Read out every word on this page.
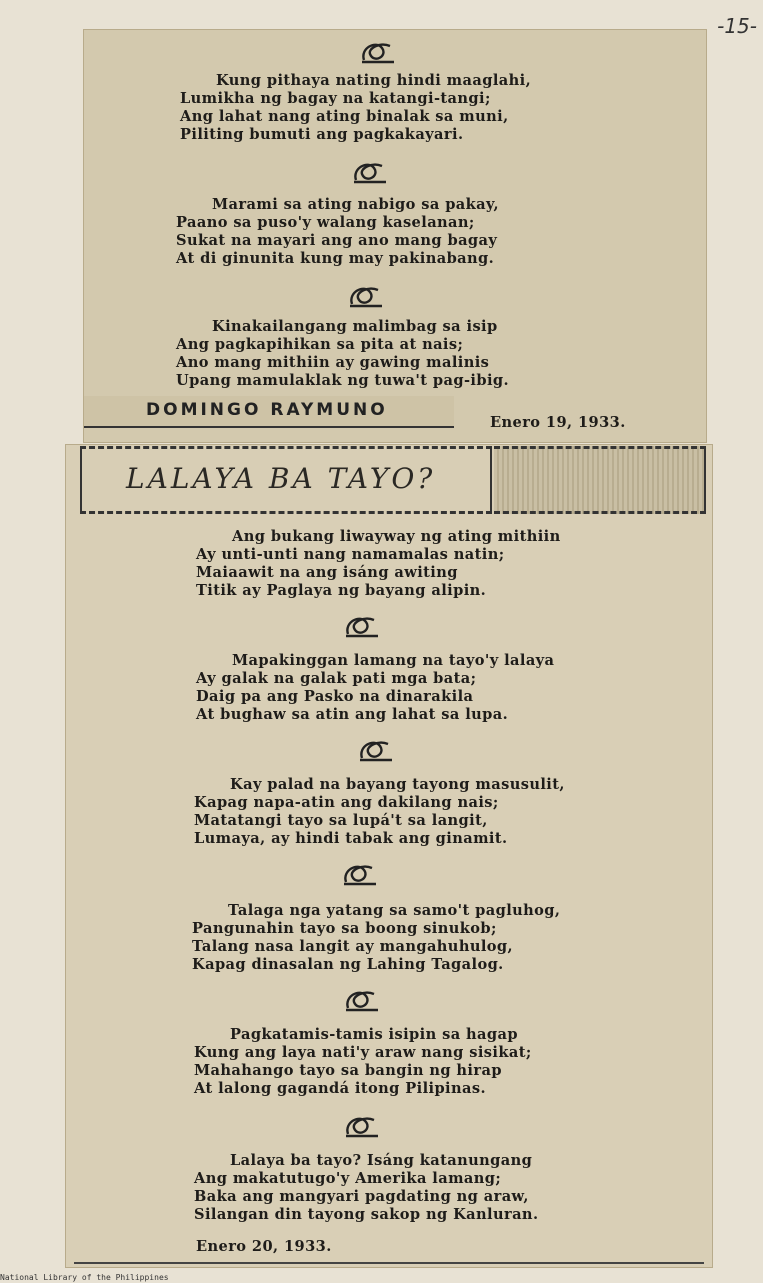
-15-
Kung pithaya nating hindi maaglahi,
Lumikha ng bagay na katangi-tangi;
Ang lahat nang ating binalak sa muni,
Piliting bumuti ang pagkakayari.
Marami sa ating nabigo sa pakay,
Paano sa puso'y walang kaselanan;
Sukat na mayari ang ano mang bagay
At di ginunita kung may pakinabang.
Kinakailangang malimbag sa isip
Ang pagkapihikan sa pita at nais;
Ano mang mithiin ay gawing malinis
Upang mamulaklak ng tuwa't pag-ibig.
DOMINGO RAYMUNO
Enero 19, 1933.
LALAYA BA TAYO?
Ang bukang liwayway ng ating mithiin
Ay unti-unti nang namamalas natin;
Maiaawit na ang isáng awiting
Titik ay Paglaya ng bayang alipin.
Mapakinggan lamang na tayo'y lalaya
Ay galak na galak pati mga bata;
Daig pa ang Pasko na dinarakila
At bughaw sa atin ang lahat sa lupa.
Kay palad na bayang tayong masusulit,
Kapag napa-atin ang dakilang nais;
Matatangi tayo sa lupá't sa langit,
Lumaya, ay hindi tabak ang ginamit.
Talaga nga yatang sa samo't pagluhog,
Pangunahin tayo sa boong sinukob;
Talang nasa langit ay mangahuhulog,
Kapag dinasalan ng Lahing Tagalog.
Pagkatamis-tamis isipin sa hagap
Kung ang laya nati'y araw nang sisikat;
Mahahango tayo sa bangin ng hirap
At lalong gagandá itong Pilipinas.
Lalaya ba tayo? Isáng katanungang
Ang makatutugo'y Amerika lamang;
Baka ang mangyari pagdating ng araw,
Silangan din tayong sakop ng Kanluran.
Enero 20, 1933.
National Library of the Philippines
